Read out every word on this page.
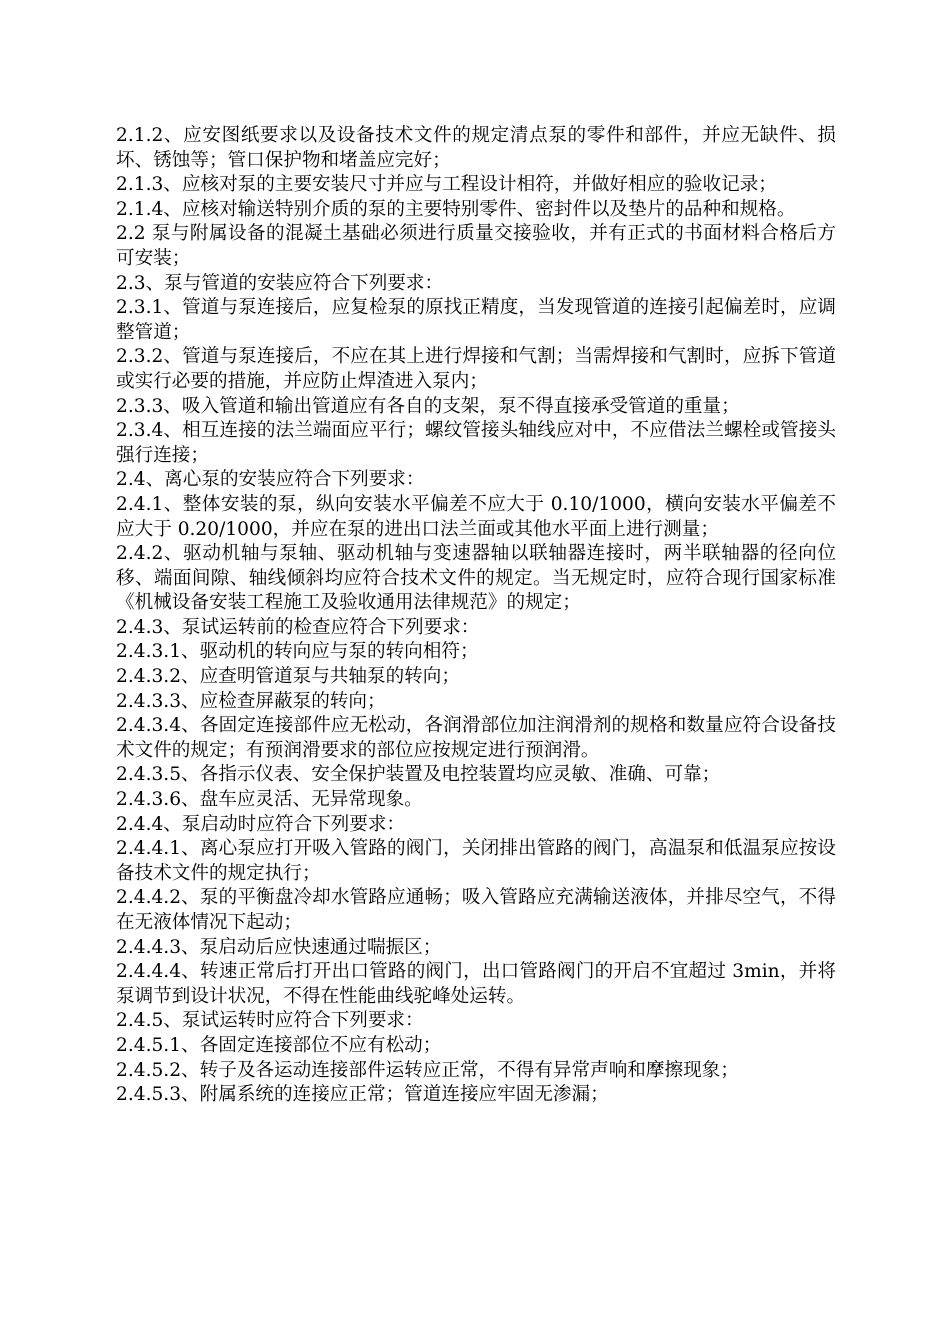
2.1.2、应安图纸要求以及设备技术文件的规定清点泵的零件和部件，并应无缺件、损坏、锈蚀等；管口保护物和堵盖应完好；

2.1.3、应核对泵的主要安装尺寸并应与工程设计相符，并做好相应的验收记录；

2.1.4、应核对输送特别介质的泵的主要特别零件、密封件以及垫片的品种和规格。

2.2 泵与附属设备的混凝土基础必须进行质量交接验收，并有正式的书面材料合格后方可安装；

2.3、泵与管道的安装应符合下列要求：

2.3.1、管道与泵连接后，应复检泵的原找正精度，当发现管道的连接引起偏差时，应调整管道；

2.3.2、管道与泵连接后，不应在其上进行焊接和气割；当需焊接和气割时，应拆下管道或实行必要的措施，并应防止焊渣进入泵内；

2.3.3、吸入管道和输出管道应有各自的支架，泵不得直接承受管道的重量；

2.3.4、相互连接的法兰端面应平行；螺纹管接头轴线应对中，不应借法兰螺栓或管接头强行连接；

2.4、离心泵的安装应符合下列要求：

2.4.1、整体安装的泵，纵向安装水平偏差不应大于 0.10/1000，横向安装水平偏差不应大于 0.20/1000，并应在泵的进出口法兰面或其他水平面上进行测量；

2.4.2、驱动机轴与泵轴、驱动机轴与变速器轴以联轴器连接时，两半联轴器的径向位移、端面间隙、轴线倾斜均应符合技术文件的规定。当无规定时，应符合现行国家标准《机械设备安装工程施工及验收通用法律规范》的规定；

2.4.3、泵试运转前的检查应符合下列要求：

2.4.3.1、驱动机的转向应与泵的转向相符；

2.4.3.2、应查明管道泵与共轴泵的转向；

2.4.3.3、应检查屏蔽泵的转向；

2.4.3.4、各固定连接部件应无松动，各润滑部位加注润滑剂的规格和数量应符合设备技术文件的规定；有预润滑要求的部位应按规定进行预润滑。

2.4.3.5、各指示仪表、安全保护装置及电控装置均应灵敏、准确、可靠；

2.4.3.6、盘车应灵活、无异常现象。

2.4.4、泵启动时应符合下列要求：

2.4.4.1、离心泵应打开吸入管路的阀门，关闭排出管路的阀门，高温泵和低温泵应按设备技术文件的规定执行；

2.4.4.2、泵的平衡盘冷却水管路应通畅；吸入管路应充满输送液体，并排尽空气，不得在无液体情况下起动；

2.4.4.3、泵启动后应快速通过喘振区；

2.4.4.4、转速正常后打开出口管路的阀门，出口管路阀门的开启不宜超过 3min，并将泵调节到设计状况，不得在性能曲线驼峰处运转。

2.4.5、泵试运转时应符合下列要求：

2.4.5.1、各固定连接部位不应有松动；

2.4.5.2、转子及各运动连接部件运转应正常，不得有异常声响和摩擦现象；

2.4.5.3、附属系统的连接应正常；管道连接应牢固无渗漏；
